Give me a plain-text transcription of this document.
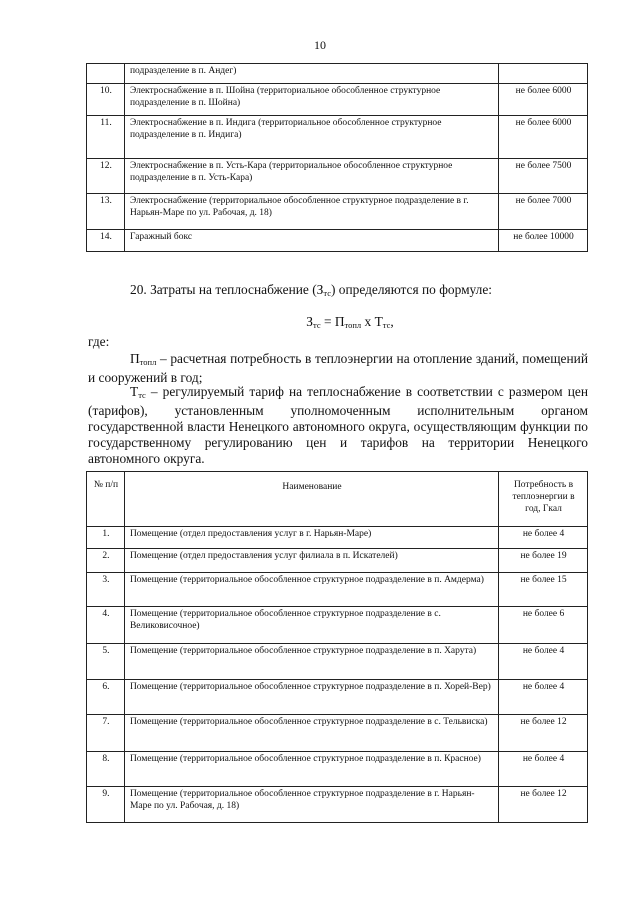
10
	подразделение в п. Андег)	
10.	Электроснабжение в п. Шойна (территориальное обособленное структурное подразделение в п. Шойна)	не более 6000
11.	Электроснабжение в п. Индига (территориальное обособленное структурное подразделение в п. Индига)	не более 6000
12.	Электроснабжение в п. Усть-Кара (территориальное обособленное структурное подразделение в п. Усть-Кара)	не более 7500
13.	Электроснабжение (территориальное обособленное структурное подразделение в г. Нарьян-Маре по ул. Рабочая, д. 18)	не более 7000
14.	Гаражный бокс	не более 10000
20. Затраты на теплоснабжение $(З_{тс})$ определяются по формуле:
$З_{тс} = П_{топл}$ x $Т_{тс}$,
где:
$П_{топл}$ – расчетная потребность в теплоэнергии на отопление зданий, помещений и сооружений в год;
$Т_{тс}$ – регулируемый тариф на теплоснабжение в соответствии с размером цен (тарифов), установленным уполномоченным исполнительным органом государственной власти Ненецкого автономного округа, осуществляющим функции по государственному регулированию цен и тарифов на территории Ненецкого автономного округа.
№ п/п	Наименование	Потребность в теплоэнергии в год, Гкал
1.	Помещение (отдел предоставления услуг в г. Нарьян-Маре)	не более 4
2.	Помещение (отдел предоставления услуг филиала в п. Искателей)	не более 19
3.	Помещение (территориальное обособленное структурное подразделение в п. Амдерма)	не более 15
4.	Помещение (территориальное обособленное структурное подразделение в с. Великовисочное)	не более 6
5.	Помещение (территориальное обособленное структурное подразделение в п. Харута)	не более 4
6.	Помещение (территориальное обособленное структурное подразделение в п. Хорей-Вер)	не более 4
7.	Помещение (территориальное обособленное структурное подразделение в с. Тельвиска)	не более 12
8.	Помещение (территориальное обособленное структурное подразделение в п. Красное)	не более 4
9.	Помещение (территориальное обособленное структурное подразделение в г. Нарьян-Маре по ул. Рабочая, д. 18)	не более 12
